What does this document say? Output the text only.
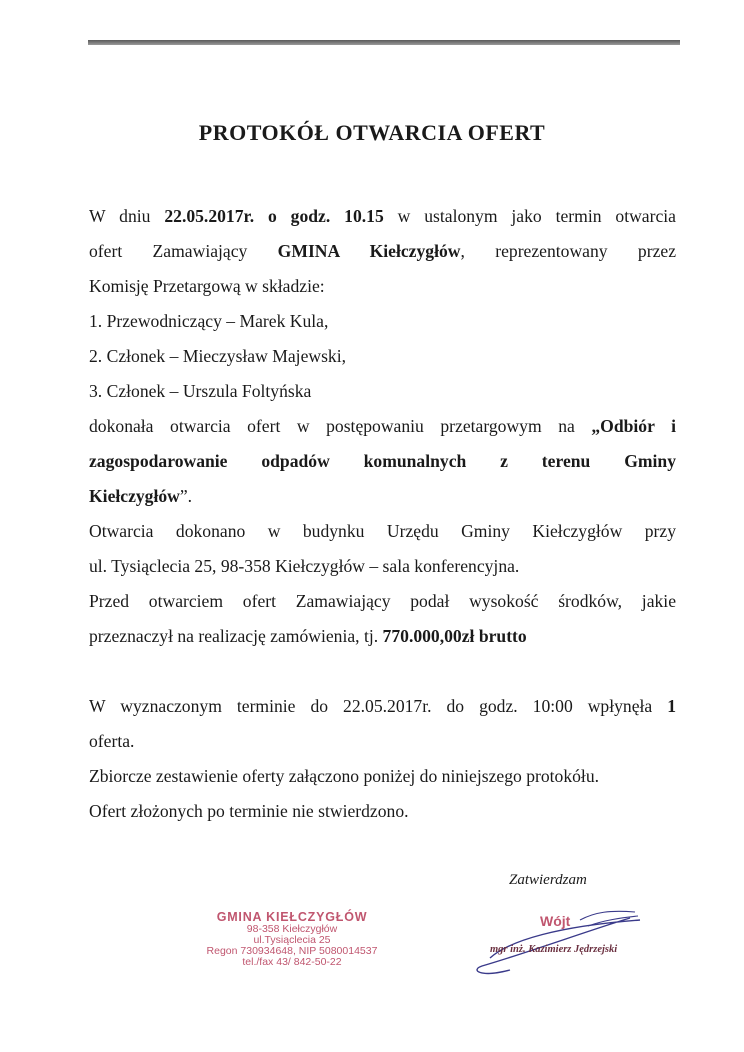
PROTOKÓŁ OTWARCIA OFERT
W dniu 22.05.2017r. o godz. 10.15 w ustalonym jako termin otwarcia
ofert Zamawiający GMINA Kiełczygłów, reprezentowany przez
Komisję Przetargową w składzie:
1. Przewodniczący – Marek Kula,
2. Członek – Mieczysław Majewski,
3. Członek – Urszula Foltyńska
dokonała otwarcia ofert w postępowaniu przetargowym na „Odbiór i
zagospodarowanie odpadów komunalnych z terenu Gminy
Kiełczygłów”.
Otwarcia dokonano w budynku Urzędu Gminy Kiełczygłów przy
ul. Tysiąclecia 25, 98-358 Kiełczygłów – sala konferencyjna.
Przed otwarciem ofert Zamawiający podał wysokość środków, jakie
przeznaczył na realizację zamówienia, tj. 770.000,00zł brutto
W wyznaczonym terminie do 22.05.2017r. do godz. 10:00 wpłynęła 1
oferta.
Zbiorcze zestawienie oferty załączono poniżej do niniejszego protokółu.
Ofert złożonych po terminie nie stwierdzono.
Zatwierdzam
GMINA KIEŁCZYGŁÓW
98-358 Kiełczygłów
ul.Tysiąclecia 25
Regon 730934648, NIP 5080014537
tel./fax 43/ 842-50-22
Wójt
mgr inż. Kazimierz Jędrzejski
